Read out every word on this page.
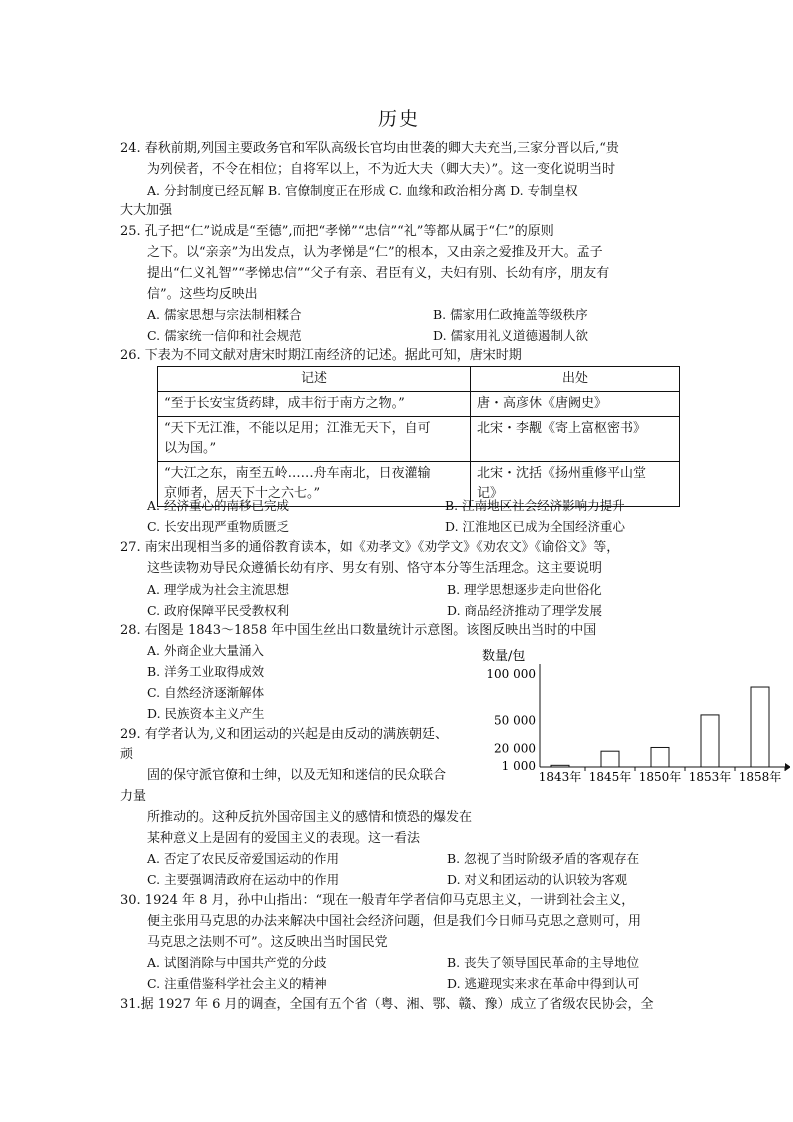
历史
24. 春秋前期,列国主要政务官和军队高级长官均由世袭的卿大夫充当,三家分晋以后,“贵
为列侯者，不令在相位；自将军以上，不为近大夫（卿大夫）”。这一变化说明当时
A. 分封制度已经瓦解 B. 官僚制度正在形成 C. 血缘和政治相分离 D. 专制皇权
大大加强
25. 孔子把“仁”说成是“至德”,而把“孝悌”“忠信”“礼”等都从属于“仁”的原则
之下。以“亲亲”为出发点，认为孝悌是“仁”的根本，又由亲之爱推及开大。孟子
提出“仁义礼智”“孝悌忠信”“父子有亲、君臣有义，夫妇有别、长幼有序，朋友有
信”。这些均反映出
A. 儒家思想与宗法制相糅合	B. 儒家用仁政掩盖等级秩序
C. 儒家统一信仰和社会规范	D. 儒家用礼义道德遏制人欲
26. 下表为不同文献对唐宋时期江南经济的记述。据此可知，唐宋时期
记述	出处
“至于长安宝货药肆，成丰衍于南方之物。”	唐・高彦休《唐阙史》
“天下无江淮，不能以足用；江淮无天下，自可
以为国。”	北宋・李觏《寄上富枢密书》
“大江之东，南至五岭……舟车南北，日夜灌输
京师者，居天下十之六七。”	北宋・沈括《扬州重修平山堂
记》
A. 经济重心的南移已完成	B. 江南地区社会经济影响力提升
C. 长安出现严重物质匮乏	D. 江淮地区已成为全国经济重心
27. 南宋出现相当多的通俗教育读本，如《劝孝文》《劝学文》《劝农文》《谕俗文》等，
这些读物劝导民众遵循长幼有序、男女有别、恪守本分等生活理念。这主要说明
A. 理学成为社会主流思想	B. 理学思想逐步走向世俗化
C. 政府保障平民受教权利	D. 商品经济推动了理学发展
28. 右图是 1843～1858 年中国生丝出口数量统计示意图。该图反映出当时的中国
A. 外商企业大量涌入
B. 洋务工业取得成效
C. 自然经济逐渐解体
D. 民族资本主义产生
数量/包
1 000
20 000
50 000
100 000
1843年 1845年 1850年 1853年 1858年
29. 有学者认为,义和团运动的兴起是由反动的满族朝廷、
顽
固的保守派官僚和士绅，以及无知和迷信的民众联合
力量
所推动的。这种反抗外国帝国主义的感情和愤恐的爆发在
某种意义上是固有的爱国主义的表现。这一看法
A. 否定了农民反帝爱国运动的作用	B. 忽视了当时阶级矛盾的客观存在
C. 主要强调清政府在运动中的作用	D. 对义和团运动的认识较为客观
30. 1924 年 8 月，孙中山指出：“现在一般青年学者信仰马克思主义，一讲到社会主义，
便主张用马克思的办法来解决中国社会经济问题，但是我们今日师马克思之意则可，用
马克思之法则不可”。这反映出当时国民党
A. 试图消除与中国共产党的分歧	B. 丧失了领导国民革命的主导地位
C. 注重借鉴科学社会主义的精神	D. 逃避现实来求在革命中得到认可
31.据 1927 年 6 月的调查，全国有五个省（粤、湘、鄂、赣、豫）成立了省级农民协会，全
